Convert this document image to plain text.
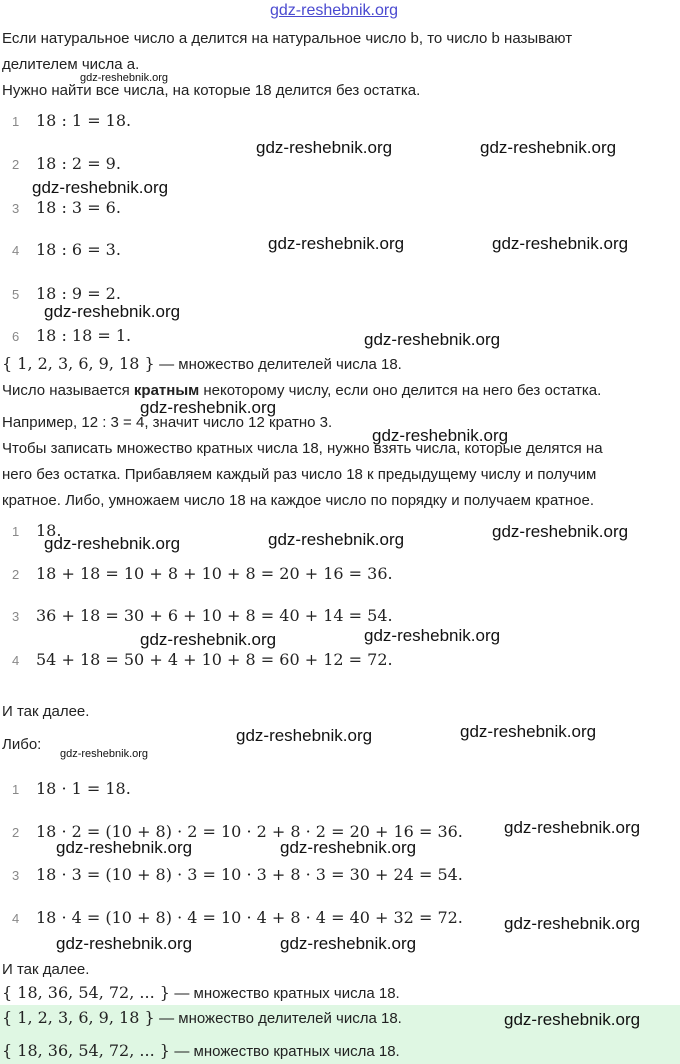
gdz-reshebnik.org
Если натуральное число a делится на натуральное число b, то число b называют
делителем числа a.
gdz-reshebnik.org
Нужно найти все числа, на которые 18 делится без остатка.
1 18 : 1 = 18.
2 18 : 2 = 9.
3 18 : 3 = 6.
4 18 : 6 = 3.
5 18 : 9 = 2.
6 18 : 18 = 1.
{ 1, 2, 3, 6, 9, 18 } — множество делителей числа 18.
Число называется кратным некоторому числу, если оно делится на него без остатка.
Например, 12 : 3 = 4, значит число 12 кратно 3.
Чтобы записать множество кратных числа 18, нужно взять числа, которые делятся на
него без остатка. Прибавляем каждый раз число 18 к предыдущему числу и получим
кратное. Либо, умножаем число 18 на каждое число по порядку и получаем кратное.
1 18.
2 18 + 18 = 10 + 8 + 10 + 8 = 20 + 16 = 36.
3 36 + 18 = 30 + 6 + 10 + 8 = 40 + 14 = 54.
4 54 + 18 = 50 + 4 + 10 + 8 = 60 + 12 = 72.
И так далее.
Либо:
gdz-reshebnik.org
1 18 · 1 = 18.
2 18 · 2 = (10 + 8) · 2 = 10 · 2 + 8 · 2 = 20 + 16 = 36.
3 18 · 3 = (10 + 8) · 3 = 10 · 3 + 8 · 3 = 30 + 24 = 54.
4 18 · 4 = (10 + 8) · 4 = 10 · 4 + 8 · 4 = 40 + 32 = 72.
И так далее.
{ 18, 36, 54, 72, ... } — множество кратных числа 18.
{ 1, 2, 3, 6, 9, 18 } — множество делителей числа 18.
{ 18, 36, 54, 72, ... } — множество кратных числа 18.
gdz-reshebnik.org	gdz-reshebnik.org
gdz-reshebnik.org
gdz-reshebnik.org	gdz-reshebnik.org
gdz-reshebnik.org
gdz-reshebnik.org
gdz-reshebnik.org
gdz-reshebnik.org
gdz-reshebnik.org	gdz-reshebnik.org	gdz-reshebnik.org
gdz-reshebnik.org	gdz-reshebnik.org
gdz-reshebnik.org	gdz-reshebnik.org
gdz-reshebnik.org
gdz-reshebnik.org	gdz-reshebnik.org
gdz-reshebnik.org
gdz-reshebnik.org	gdz-reshebnik.org
gdz-reshebnik.org
